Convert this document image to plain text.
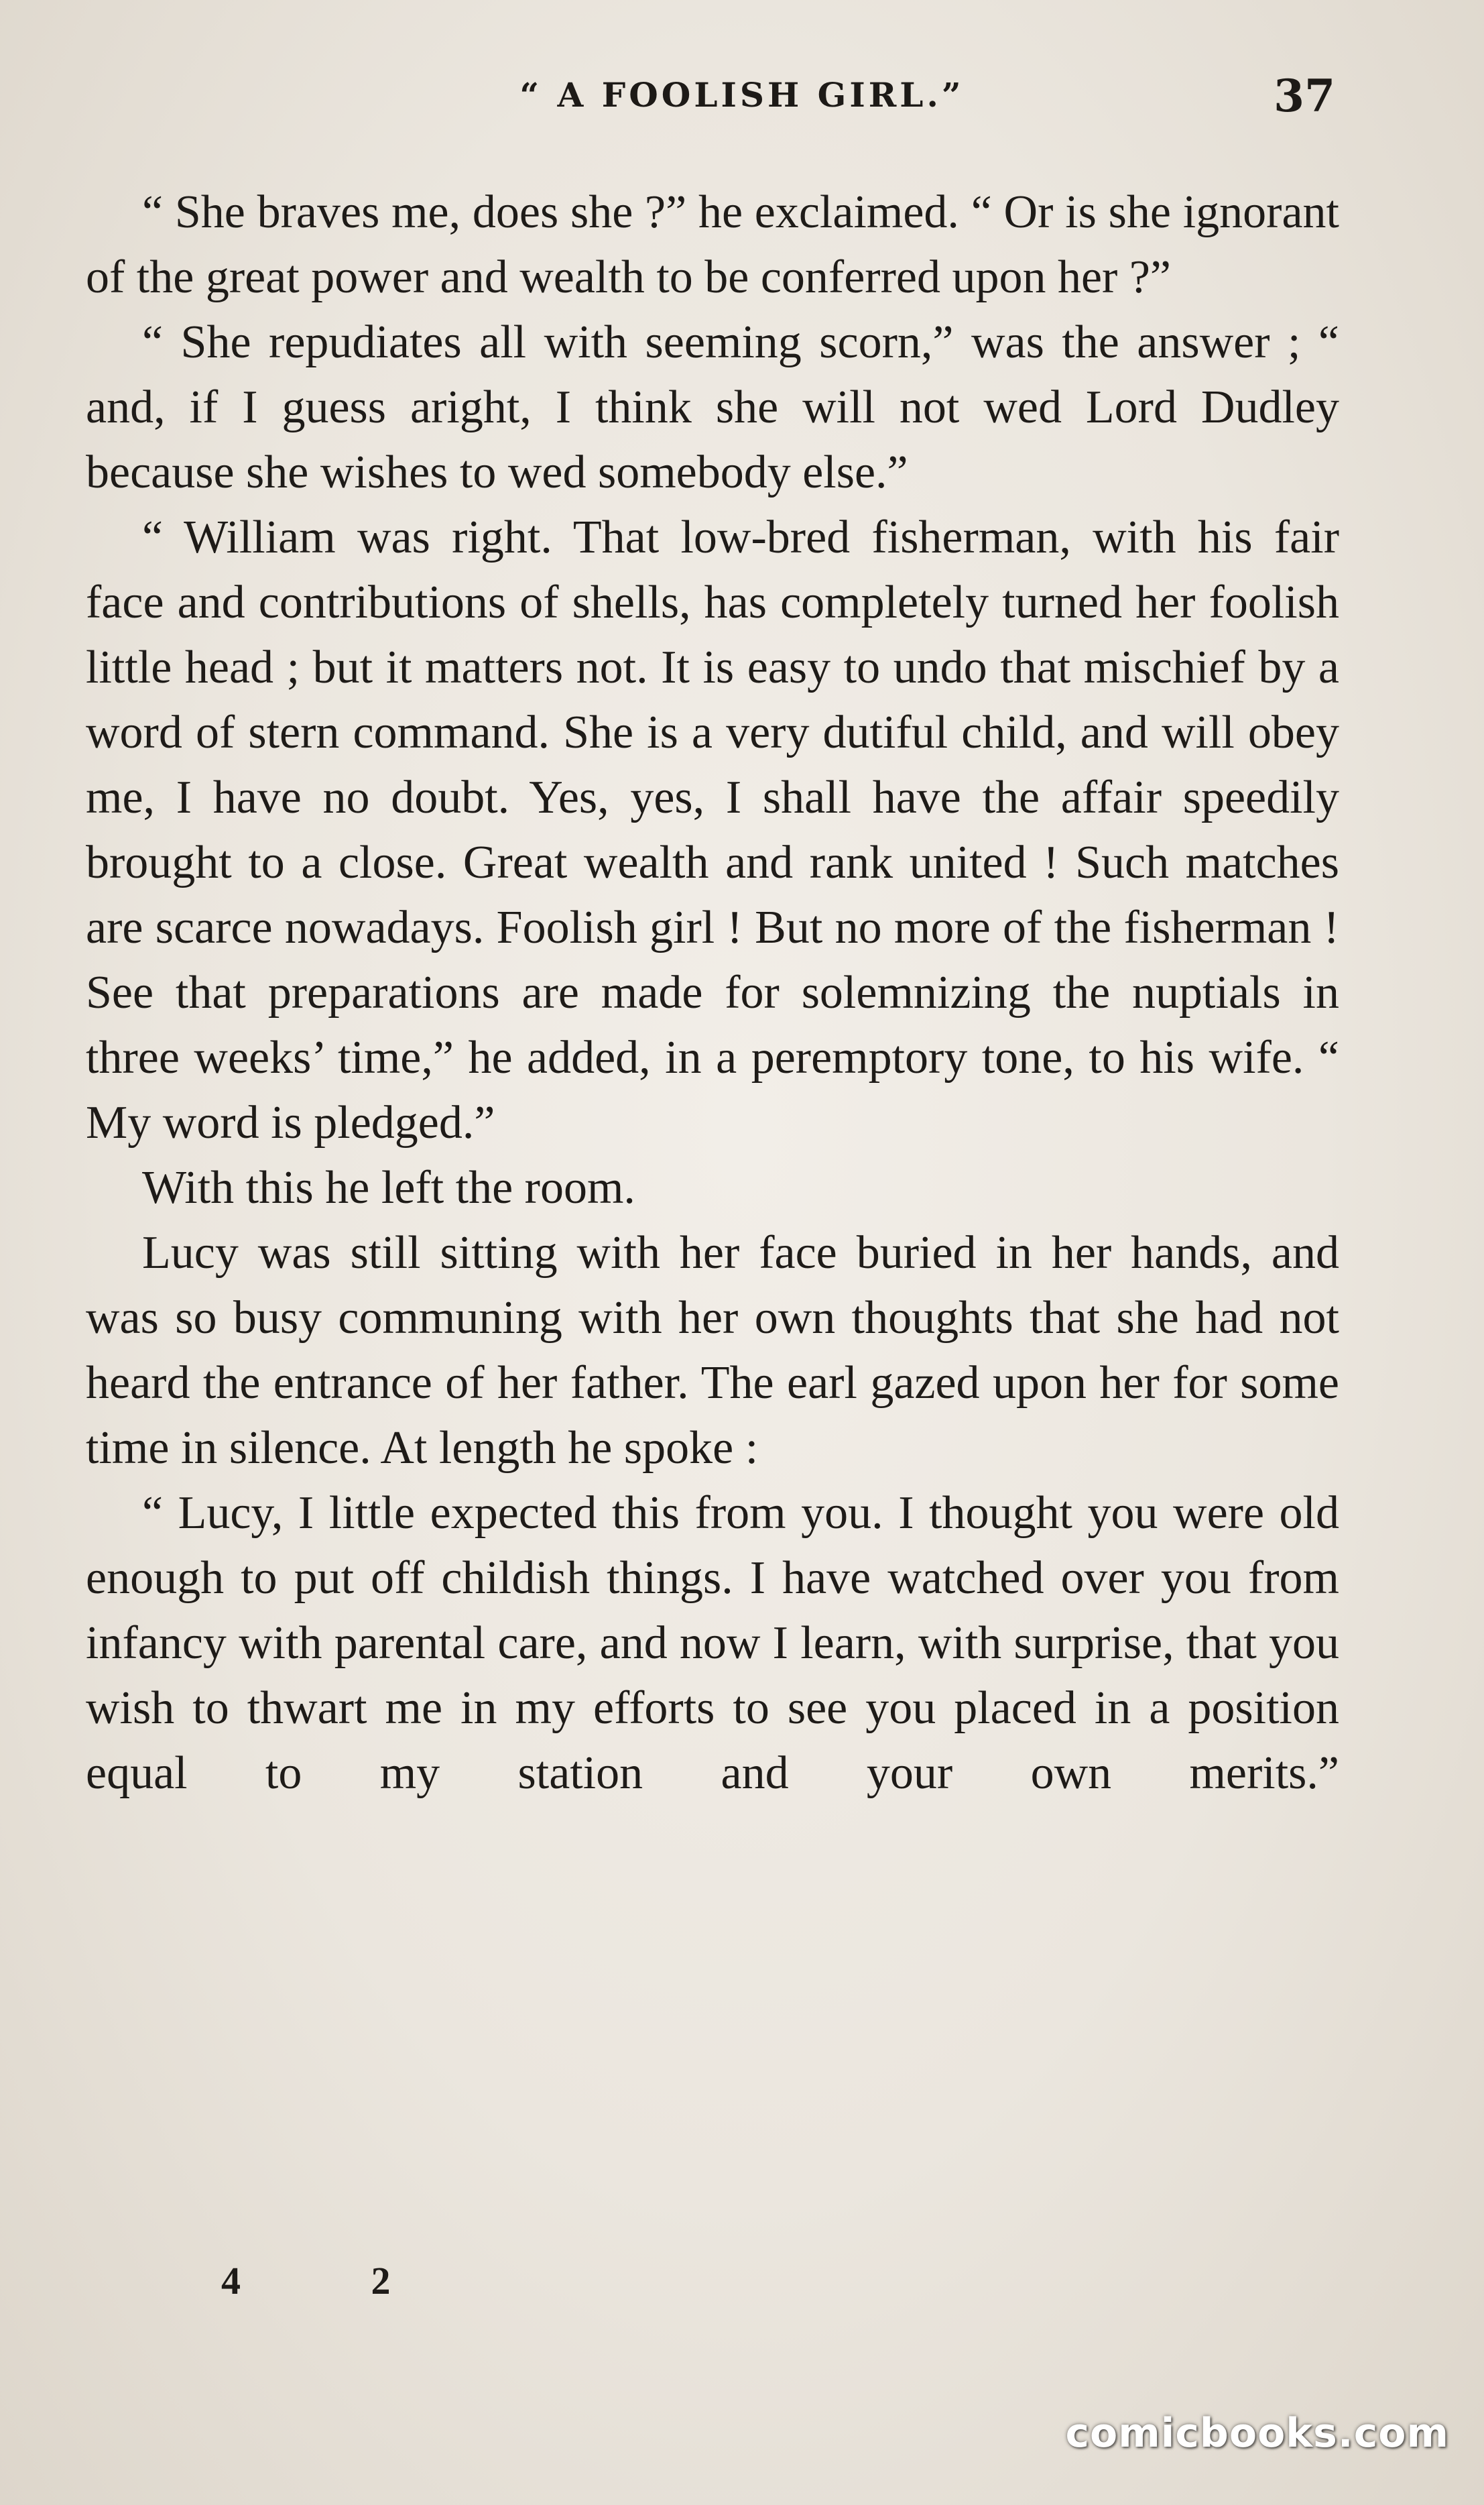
“ A FOOLISH GIRL.”	37

“ She braves me, does she ?” he exclaimed. “ Or is she ignorant of the great power and wealth to be conferred upon her ?”

“ She repudiates all with seeming scorn,” was the answer ; “ and, if I guess aright, I think she will not wed Lord Dudley because she wishes to wed somebody else.”

“ William was right. That low-bred fisherman, with his fair face and contributions of shells, has completely turned her foolish little head ; but it matters not. It is easy to undo that mischief by a word of stern command. She is a very dutiful child, and will obey me, I have no doubt. Yes, yes, I shall have the affair speedily brought to a close. Great wealth and rank united ! Such matches are scarce nowadays. Foolish girl ! But no more of the fisherman ! See that preparations are made for solemnizing the nuptials in three weeks’ time,” he added, in a peremptory tone, to his wife. “ My word is pledged.”

With this he left the room.

Lucy was still sitting with her face buried in her hands, and was so busy communing with her own thoughts that she had not heard the entrance of her father. The earl gazed upon her for some time in silence. At length he spoke :

“ Lucy, I little expected this from you. I thought you were old enough to put off childish things. I have watched over you from infancy with parental care, and now I learn, with surprise, that you wish to thwart me in my efforts to see you placed in a position equal to my station and your own merits.”

4 2
comicbooks.com
